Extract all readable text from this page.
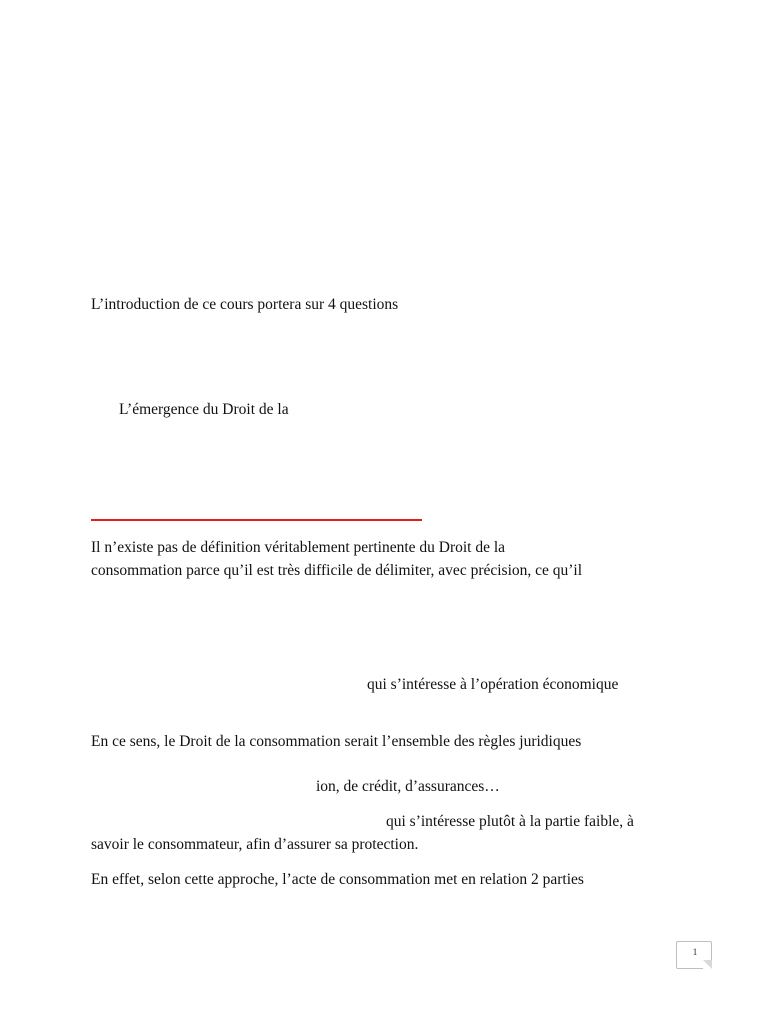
L’introduction de ce cours portera sur 4 questions

L’émergence du Droit de la

Il n’existe pas de définition véritablement pertinente du Droit de la

consommation parce qu’il est très difficile de délimiter, avec précision, ce qu’il

qui s’intéresse à l’opération économique

En ce sens, le Droit de la consommation serait l’ensemble des règles juridiques

ion, de crédit, d’assurances…

qui s’intéresse plutôt à la partie faible, à

savoir le consommateur, afin d’assurer sa protection.

En effet, selon cette approche, l’acte de consommation met en relation 2 parties

1
